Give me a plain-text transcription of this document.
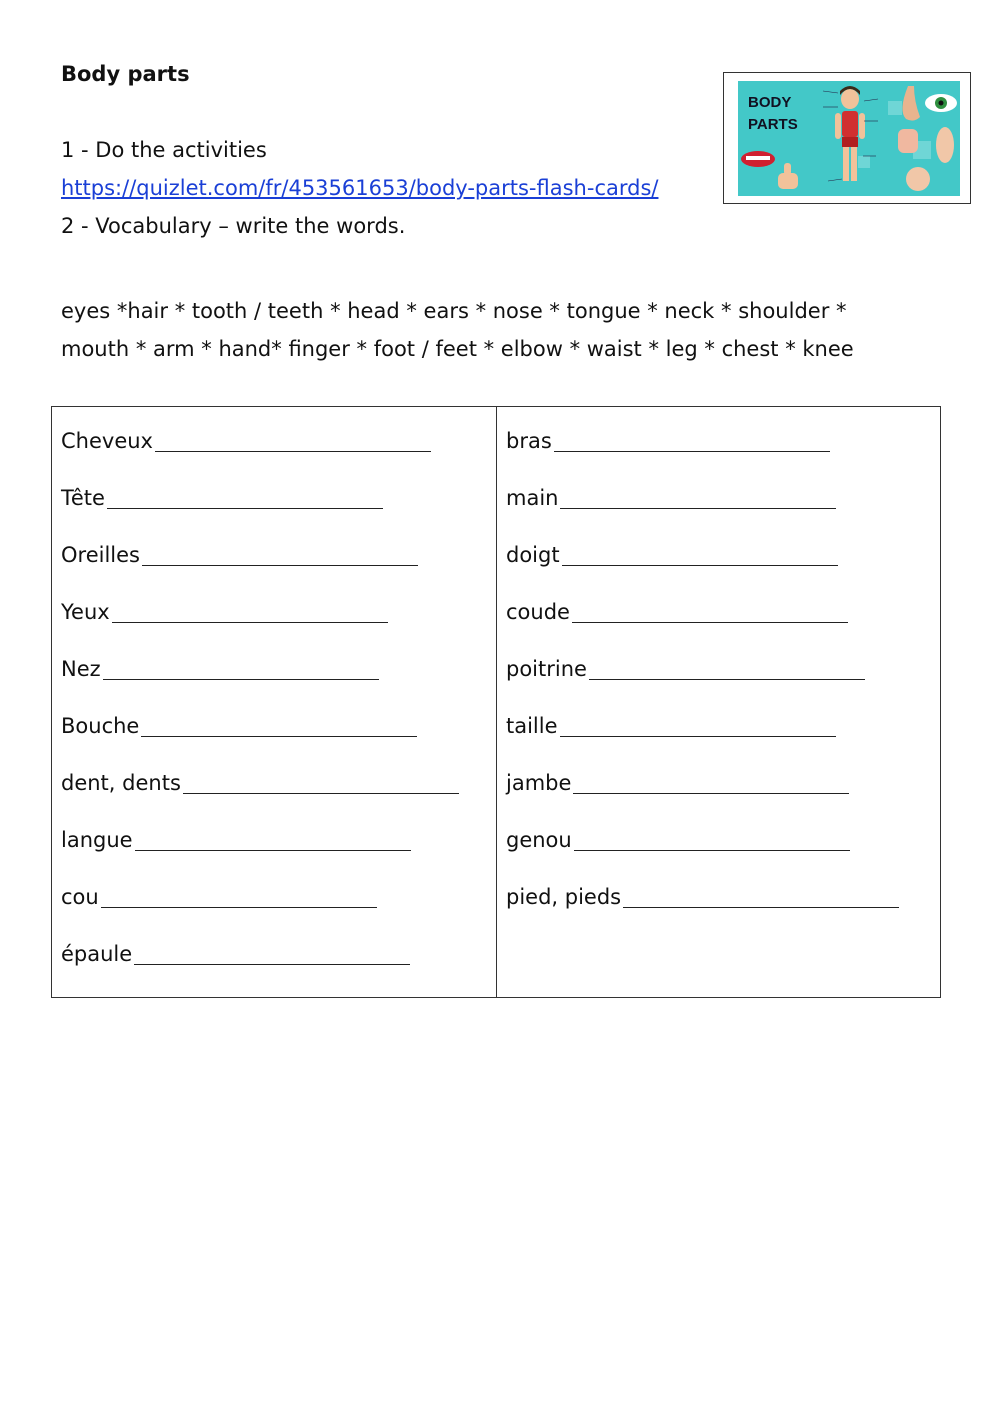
Body parts
1 - Do the activities
https://quizlet.com/fr/453561653/body-parts-flash-cards/
2 - Vocabulary – write the words.
eyes *hair * tooth / teeth * head * ears * nose * tongue * neck * shoulder *
mouth * arm * hand* finger * foot / feet * elbow * waist * leg * chest * knee
BODY
PARTS
Cheveux
Tête
Oreilles
Yeux
Nez
Bouche
dent, dents
langue
cou
épaule
bras
main
doigt
coude
poitrine
taille
jambe
genou
pied, pieds
